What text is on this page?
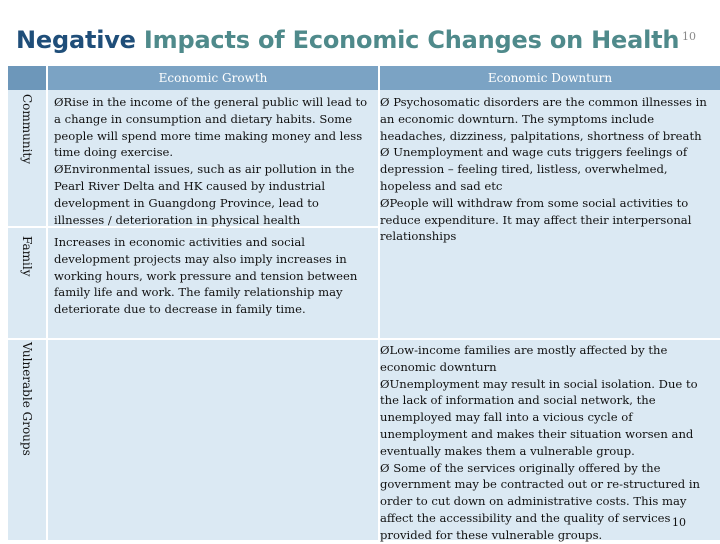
Negative Impacts of Economic Changes on Health 10
Economic Growth	Economic Downturn
Community
Family
Vulnerable Groups

ØRise in the income of the general public will lead to a change in consumption and dietary habits. Some people will spend more time making money and less time doing exercise.

ØEnvironmental issues, such as air pollution in the Pearl River Delta and HK caused by industrial development in Guangdong Province, lead to illnesses / deterioration in physical health

Increases in economic activities and social development projects may also imply increases in working hours, work pressure and tension between family life and work. The family relationship may deteriorate due to decrease in family time.

Ø Psychosomatic disorders are the common illnesses in an economic downturn. The symptoms include headaches, dizziness, palpitations, shortness of breath

Ø Unemployment and wage cuts triggers feelings of depression – feeling tired, listless, overwhelmed, hopeless and sad etc

ØPeople will withdraw from some social activities to reduce expenditure. It may affect their interpersonal relationships

ØLow-income families are mostly affected by the economic downturn

ØUnemployment may result in social isolation. Due to the lack of information and social network, the unemployed may fall into a vicious cycle of unemployment and makes their situation worsen and eventually makes them a vulnerable group.

Ø Some of the services originally offered by the government may be contracted out or re-structured in order to cut down on administrative costs. This may affect the accessibility and the quality of services provided for these vulnerable groups.

10
